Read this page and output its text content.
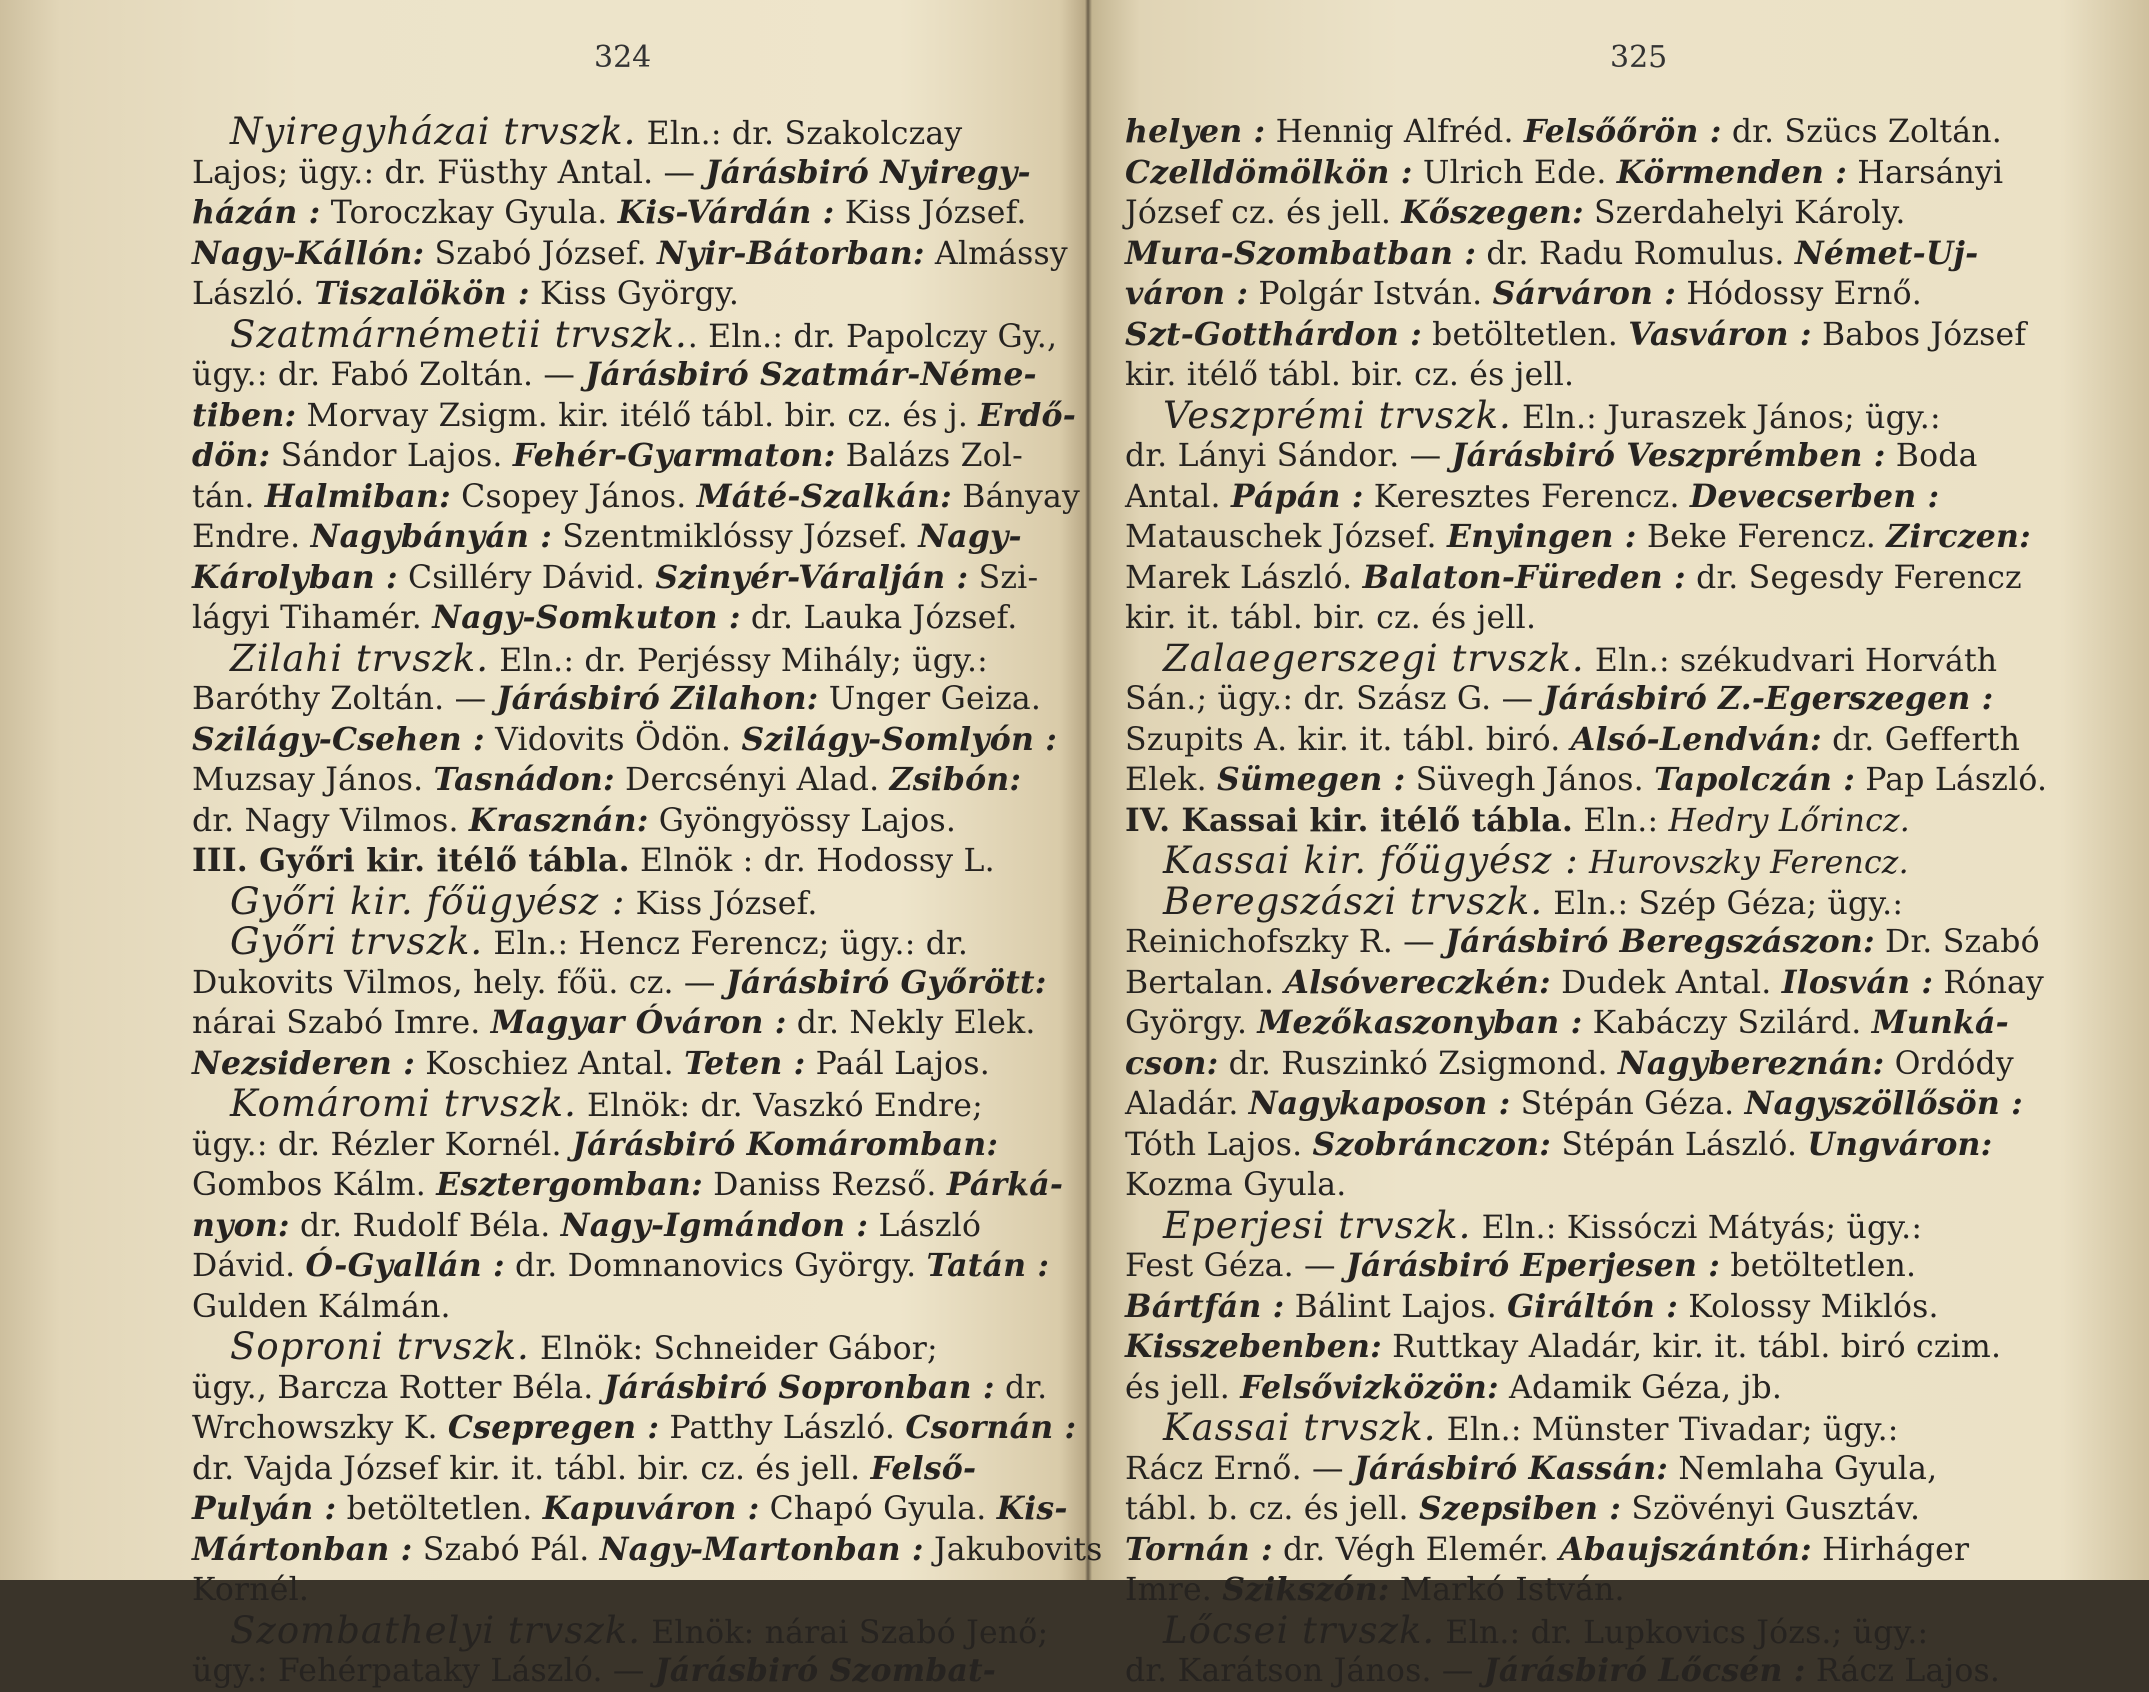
324
Nyiregyházai trvszk. Eln.: dr. Szakolczay
Lajos; ügy.: dr. Füsthy Antal. — Járásbiró Nyiregy-
házán : Toroczkay Gyula. Kis-Várdán : Kiss József.
Nagy-Kállón: Szabó József. Nyir-Bátorban: Almássy
László. Tiszalökön : Kiss György.
Szatmárnémetii trvszk.. Eln.: dr. Papolczy Gy.,
ügy.: dr. Fabó Zoltán. — Járásbiró Szatmár-Néme-
tiben: Morvay Zsigm. kir. itélő tábl. bir. cz. és j. Erdő-
dön: Sándor Lajos. Fehér-Gyarmaton: Balázs Zol-
tán. Halmiban: Csopey János. Máté-Szalkán: Bányay
Endre. Nagybányán : Szentmiklóssy József. Nagy-
Károlyban : Csilléry Dávid. Szinyér-Váralján : Szi-
lágyi Tihamér. Nagy-Somkuton : dr. Lauka József.
Zilahi trvszk. Eln.: dr. Perjéssy Mihály; ügy.:
Baróthy Zoltán. — Járásbiró Zilahon: Unger Geiza.
Szilágy-Csehen : Vidovits Ödön. Szilágy-Somlyón :
Muzsay János. Tasnádon: Dercsényi Alad. Zsibón:
dr. Nagy Vilmos. Krasznán: Gyöngyössy Lajos.
III. Győri kir. itélő tábla. Elnök : dr. Hodossy L.
Győri kir. főügyész : Kiss József.
Győri trvszk. Eln.: Hencz Ferencz; ügy.: dr.
Dukovits Vilmos, hely. főü. cz. — Járásbiró Győrött:
nárai Szabó Imre. Magyar Óváron : dr. Nekly Elek.
Nezsideren : Koschiez Antal. Teten : Paál Lajos.
Komáromi trvszk. Elnök: dr. Vaszkó Endre;
ügy.: dr. Rézler Kornél. Járásbiró Komáromban:
Gombos Kálm. Esztergomban: Daniss Rezső. Párká-
nyon: dr. Rudolf Béla. Nagy-Igmándon : László
Dávid. Ó-Gyallán : dr. Domnanovics György. Tatán :
Gulden Kálmán.
Soproni trvszk. Elnök: Schneider Gábor;
ügy., Barcza Rotter Béla. Járásbiró Sopronban : dr.
Wrchowszky K. Csepregen : Patthy László. Csornán :
dr. Vajda József kir. it. tábl. bir. cz. és jell. Felső-
Pulyán : betöltetlen. Kapuváron : Chapó Gyula. Kis-
Mártonban : Szabó Pál. Nagy-Martonban : Jakubovits
Kornél.
Szombathelyi trvszk. Elnök: nárai Szabó Jenő;
ügy.: Fehérpataky László. — Járásbiró Szombat-
325
helyen : Hennig Alfréd. Felsőőrön : dr. Szücs Zoltán.
Czelldömölkön : Ulrich Ede. Körmenden : Harsányi
József cz. és jell. Kőszegen: Szerdahelyi Károly.
Mura-Szombatban : dr. Radu Romulus. Német-Uj-
váron : Polgár István. Sárváron : Hódossy Ernő.
Szt-Gotthárdon : betöltetlen. Vasváron : Babos József
kir. itélő tábl. bir. cz. és jell.
Veszprémi trvszk. Eln.: Juraszek János; ügy.:
dr. Lányi Sándor. — Járásbiró Veszprémben : Boda
Antal. Pápán : Keresztes Ferencz. Devecserben :
Matauschek József. Enyingen : Beke Ferencz. Zirczen:
Marek László. Balaton-Füreden : dr. Segesdy Ferencz
kir. it. tábl. bir. cz. és jell.
Zalaegerszegi trvszk. Eln.: székudvari Horváth
Sán.; ügy.: dr. Szász G. — Járásbiró Z.-Egerszegen :
Szupits A. kir. it. tábl. biró. Alsó-Lendván: dr. Gefferth
Elek. Sümegen : Süvegh János. Tapolczán : Pap László.
IV. Kassai kir. itélő tábla. Eln.: Hedry Lőrincz.
Kassai kir. főügyész : Hurovszky Ferencz.
Beregszászi trvszk. Eln.: Szép Géza; ügy.:
Reinichofszky R. — Járásbiró Beregszászon: Dr. Szabó
Bertalan. Alsóvereczkén: Dudek Antal. Ilosván : Rónay
György. Mezőkaszonyban : Kabáczy Szilárd. Munká-
cson: dr. Ruszinkó Zsigmond. Nagybereznán: Ordódy
Aladár. Nagykaposon : Stépán Géza. Nagyszöllősön :
Tóth Lajos. Szobránczon: Stépán László. Ungváron:
Kozma Gyula.
Eperjesi trvszk. Eln.: Kissóczi Mátyás; ügy.:
Fest Géza. — Járásbiró Eperjesen : betöltetlen.
Bártfán : Bálint Lajos. Giráltón : Kolossy Miklós.
Kisszebenben: Ruttkay Aladár, kir. it. tábl. biró czim.
és jell. Felsővizközön: Adamik Géza, jb.
Kassai trvszk. Eln.: Münster Tivadar; ügy.:
Rácz Ernő. — Járásbiró Kassán: Nemlaha Gyula,
tábl. b. cz. és jell. Szepsiben : Szövényi Gusztáv.
Tornán : dr. Végh Elemér. Abaujszántón: Hirháger
Imre. Szikszón: Markó István.
Lőcsei trvszk. Eln.: dr. Lupkovics Józs.; ügy.:
dr. Karátson János. — Járásbiró Lőcsén : Rácz Lajos.
